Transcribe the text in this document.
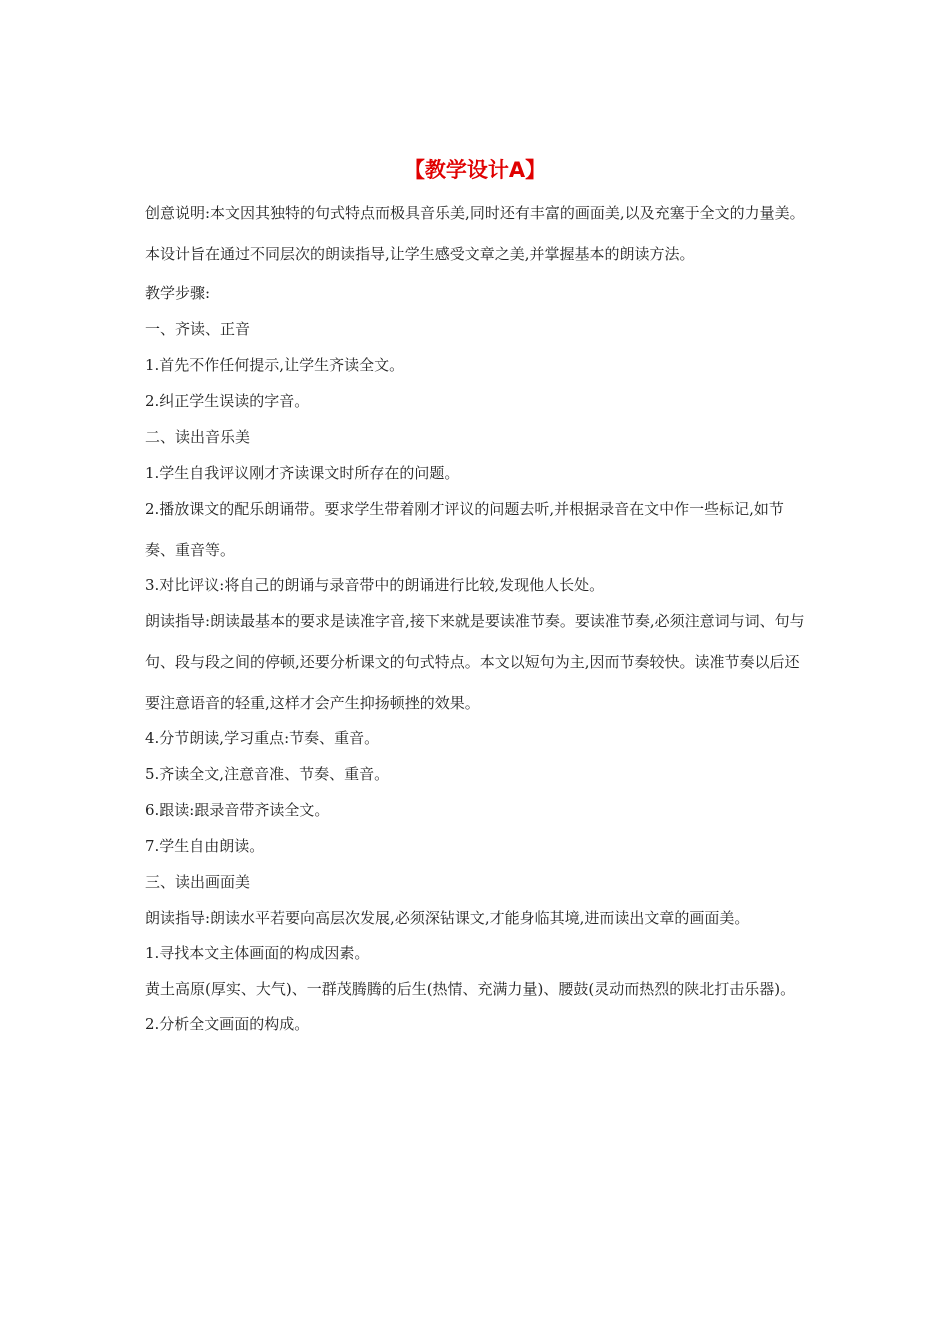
【教学设计A】

创意说明:本文因其独特的句式特点而极具音乐美,同时还有丰富的画面美,以及充塞于全文的力量美。本设计旨在通过不同层次的朗读指导,让学生感受文章之美,并掌握基本的朗读方法。

教学步骤:

一、齐读、正音

1.首先不作任何提示,让学生齐读全文。

2.纠正学生误读的字音。

二、读出音乐美

1.学生自我评议刚才齐读课文时所存在的问题。

2.播放课文的配乐朗诵带。要求学生带着刚才评议的问题去听,并根据录音在文中作一些标记,如节奏、重音等。

3.对比评议:将自己的朗诵与录音带中的朗诵进行比较,发现他人长处。

朗读指导:朗读最基本的要求是读准字音,接下来就是要读准节奏。要读准节奏,必须注意词与词、句与句、段与段之间的停顿,还要分析课文的句式特点。本文以短句为主,因而节奏较快。读准节奏以后还要注意语音的轻重,这样才会产生抑扬顿挫的效果。

4.分节朗读,学习重点:节奏、重音。

5.齐读全文,注意音准、节奏、重音。

6.跟读:跟录音带齐读全文。

7.学生自由朗读。

三、读出画面美

朗读指导:朗读水平若要向高层次发展,必须深钻课文,才能身临其境,进而读出文章的画面美。

1.寻找本文主体画面的构成因素。

黄土高原(厚实、大气)、一群茂腾腾的后生(热情、充满力量)、腰鼓(灵动而热烈的陕北打击乐器)。

2.分析全文画面的构成。
